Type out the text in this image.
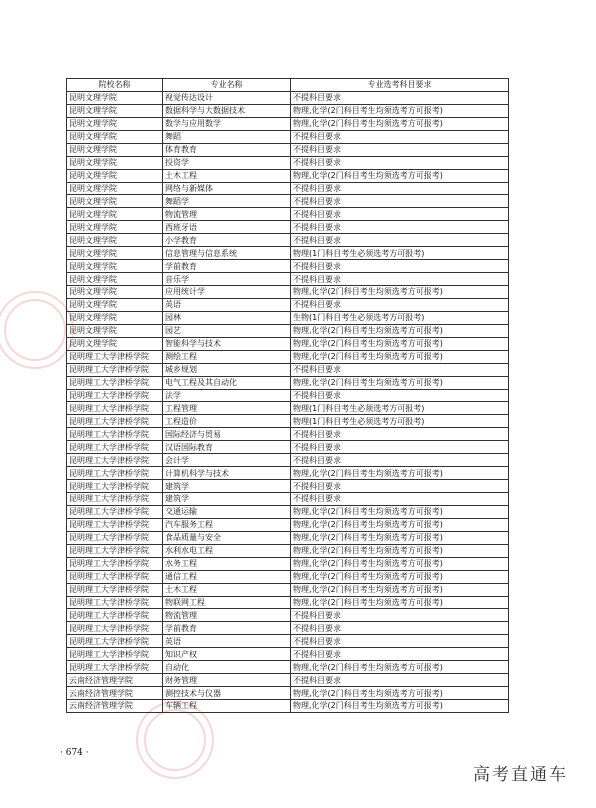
院校名称	专业名称	专业选考科目要求
昆明文理学院	视觉传达设计	不提科目要求
昆明文理学院	数据科学与大数据技术	物理,化学(2门科目考生均须选考方可报考)
昆明文理学院	数学与应用数学	物理,化学(2门科目考生均须选考方可报考)
昆明文理学院	舞蹈	不提科目要求
昆明文理学院	体育教育	不提科目要求
昆明文理学院	投资学	不提科目要求
昆明文理学院	土木工程	物理,化学(2门科目考生均须选考方可报考)
昆明文理学院	网络与新媒体	不提科目要求
昆明文理学院	舞蹈学	不提科目要求
昆明文理学院	物流管理	不提科目要求
昆明文理学院	西班牙语	不提科目要求
昆明文理学院	小学教育	不提科目要求
昆明文理学院	信息管理与信息系统	物理(1门科目考生必须选考方可报考)
昆明文理学院	学前教育	不提科目要求
昆明文理学院	音乐学	不提科目要求
昆明文理学院	应用统计学	物理,化学(2门科目考生均须选考方可报考)
昆明文理学院	英语	不提科目要求
昆明文理学院	园林	生物(1门科目考生必须选考方可报考)
昆明文理学院	园艺	物理,化学(2门科目考生均须选考方可报考)
昆明文理学院	智能科学与技术	物理,化学(2门科目考生均须选考方可报考)
昆明理工大学津桥学院	测绘工程	物理,化学(2门科目考生均须选考方可报考)
昆明理工大学津桥学院	城乡规划	不提科目要求
昆明理工大学津桥学院	电气工程及其自动化	物理,化学(2门科目考生均须选考方可报考)
昆明理工大学津桥学院	法学	不提科目要求
昆明理工大学津桥学院	工程管理	物理(1门科目考生必须选考方可报考)
昆明理工大学津桥学院	工程造价	物理(1门科目考生必须选考方可报考)
昆明理工大学津桥学院	国际经济与贸易	不提科目要求
昆明理工大学津桥学院	汉语国际教育	不提科目要求
昆明理工大学津桥学院	会计学	不提科目要求
昆明理工大学津桥学院	计算机科学与技术	物理,化学(2门科目考生均须选考方可报考)
昆明理工大学津桥学院	建筑学	不提科目要求
昆明理工大学津桥学院	建筑学	不提科目要求
昆明理工大学津桥学院	交通运输	物理,化学(2门科目考生均须选考方可报考)
昆明理工大学津桥学院	汽车服务工程	物理,化学(2门科目考生均须选考方可报考)
昆明理工大学津桥学院	食品质量与安全	物理,化学(2门科目考生均须选考方可报考)
昆明理工大学津桥学院	水利水电工程	物理,化学(2门科目考生均须选考方可报考)
昆明理工大学津桥学院	水务工程	物理,化学(2门科目考生均须选考方可报考)
昆明理工大学津桥学院	通信工程	物理,化学(2门科目考生均须选考方可报考)
昆明理工大学津桥学院	土木工程	物理,化学(2门科目考生均须选考方可报考)
昆明理工大学津桥学院	物联网工程	物理,化学(2门科目考生均须选考方可报考)
昆明理工大学津桥学院	物流管理	不提科目要求
昆明理工大学津桥学院	学前教育	不提科目要求
昆明理工大学津桥学院	英语	不提科目要求
昆明理工大学津桥学院	知识产权	不提科目要求
昆明理工大学津桥学院	自动化	物理,化学(2门科目考生均须选考方可报考)
云南经济管理学院	财务管理	不提科目要求
云南经济管理学院	测控技术与仪器	物理,化学(2门科目考生均须选考方可报考)
云南经济管理学院	车辆工程	物理,化学(2门科目考生均须选考方可报考)
· 674 ·
高考直通车
